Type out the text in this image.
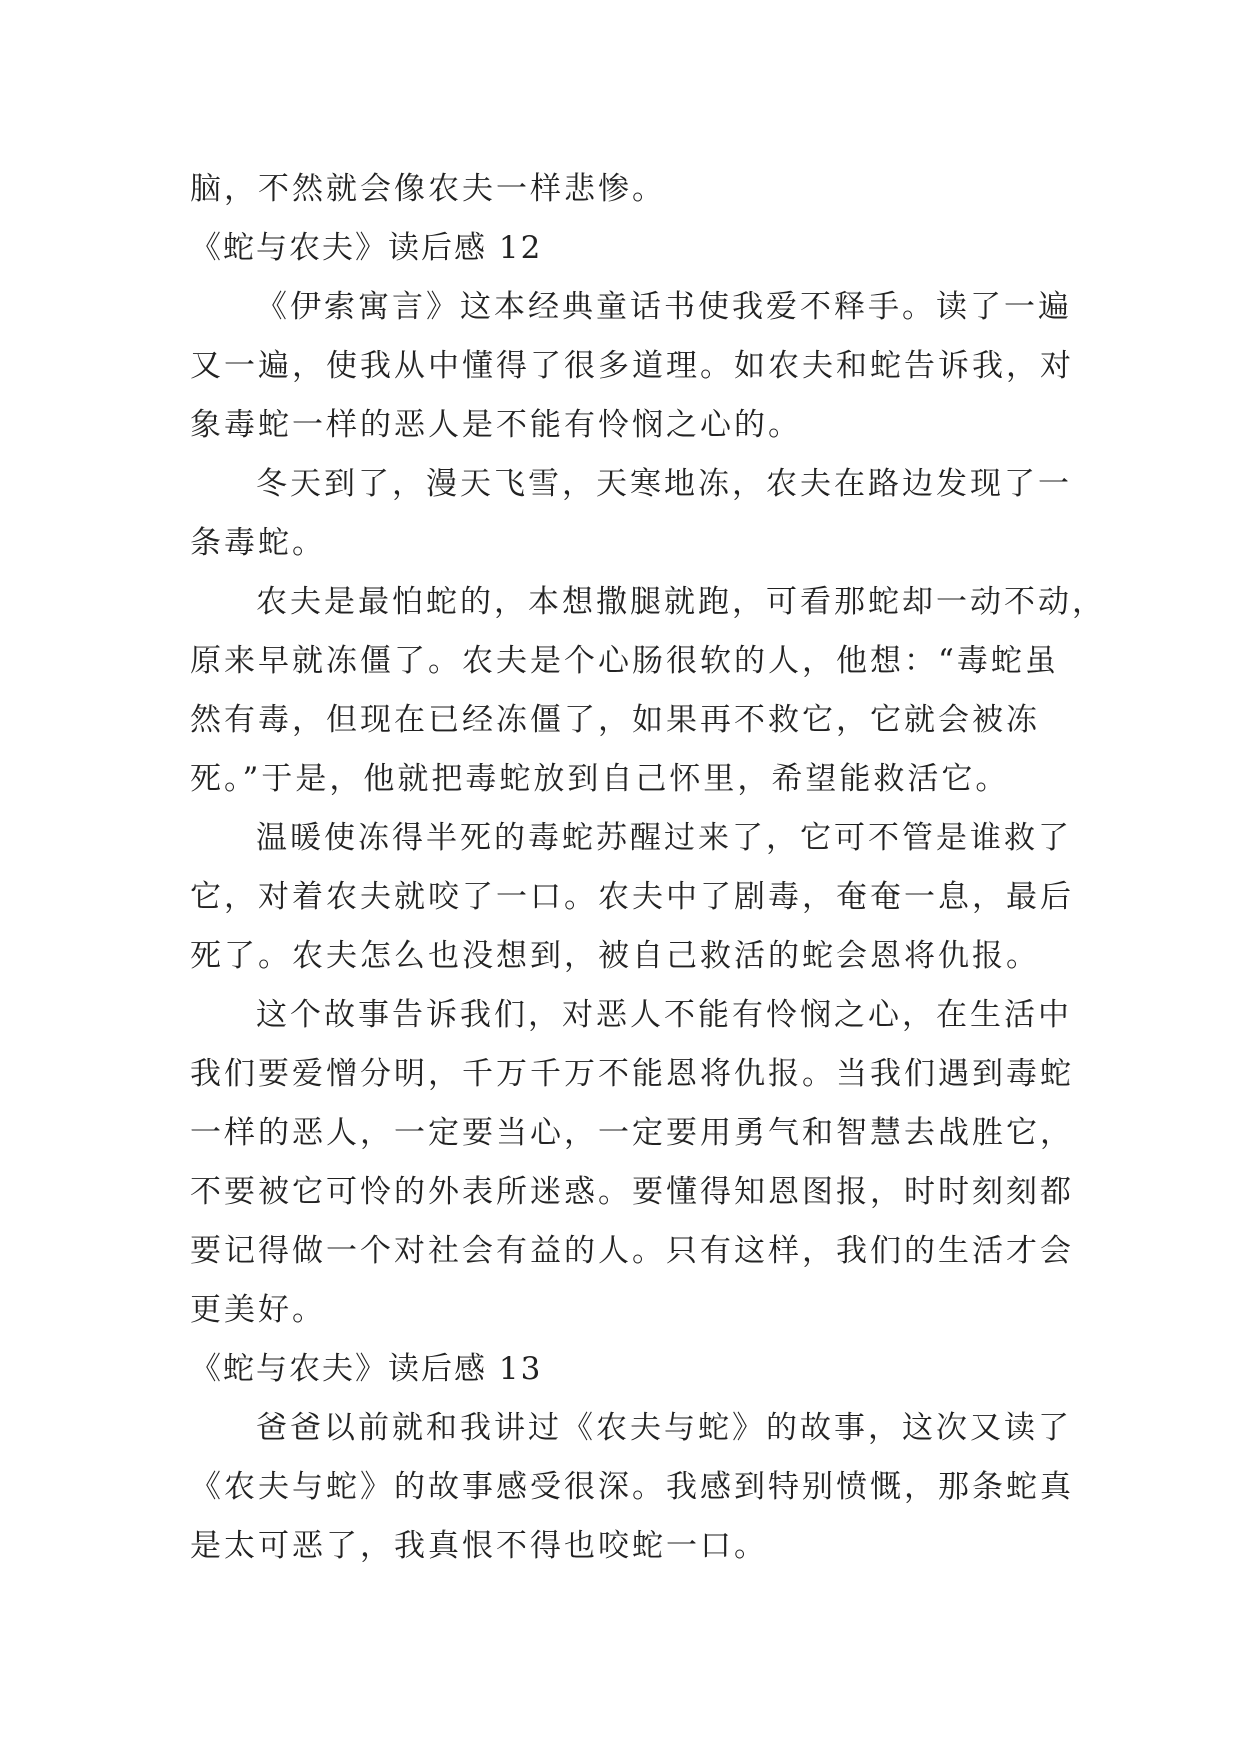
脑，不然就会像农夫一样悲惨。
《蛇与农夫》读后感 12
《伊索寓言》这本经典童话书使我爱不释手。读了一遍
又一遍，使我从中懂得了很多道理。如农夫和蛇告诉我，对
象毒蛇一样的恶人是不能有怜悯之心的。
冬天到了，漫天飞雪，天寒地冻，农夫在路边发现了一
条毒蛇。
农夫是最怕蛇的，本想撒腿就跑，可看那蛇却一动不动，
原来早就冻僵了。农夫是个心肠很软的人，他想：“毒蛇虽
然有毒，但现在已经冻僵了，如果再不救它，它就会被冻
死。”于是，他就把毒蛇放到自己怀里，希望能救活它。
温暖使冻得半死的毒蛇苏醒过来了，它可不管是谁救了
它，对着农夫就咬了一口。农夫中了剧毒，奄奄一息，最后
死了。农夫怎么也没想到，被自己救活的蛇会恩将仇报。
这个故事告诉我们，对恶人不能有怜悯之心，在生活中
我们要爱憎分明，千万千万不能恩将仇报。当我们遇到毒蛇
一样的恶人，一定要当心，一定要用勇气和智慧去战胜它，
不要被它可怜的外表所迷惑。要懂得知恩图报，时时刻刻都
要记得做一个对社会有益的人。只有这样，我们的生活才会
更美好。
《蛇与农夫》读后感 13
爸爸以前就和我讲过《农夫与蛇》的故事，这次又读了
《农夫与蛇》的故事感受很深。我感到特别愤慨，那条蛇真
是太可恶了，我真恨不得也咬蛇一口。
